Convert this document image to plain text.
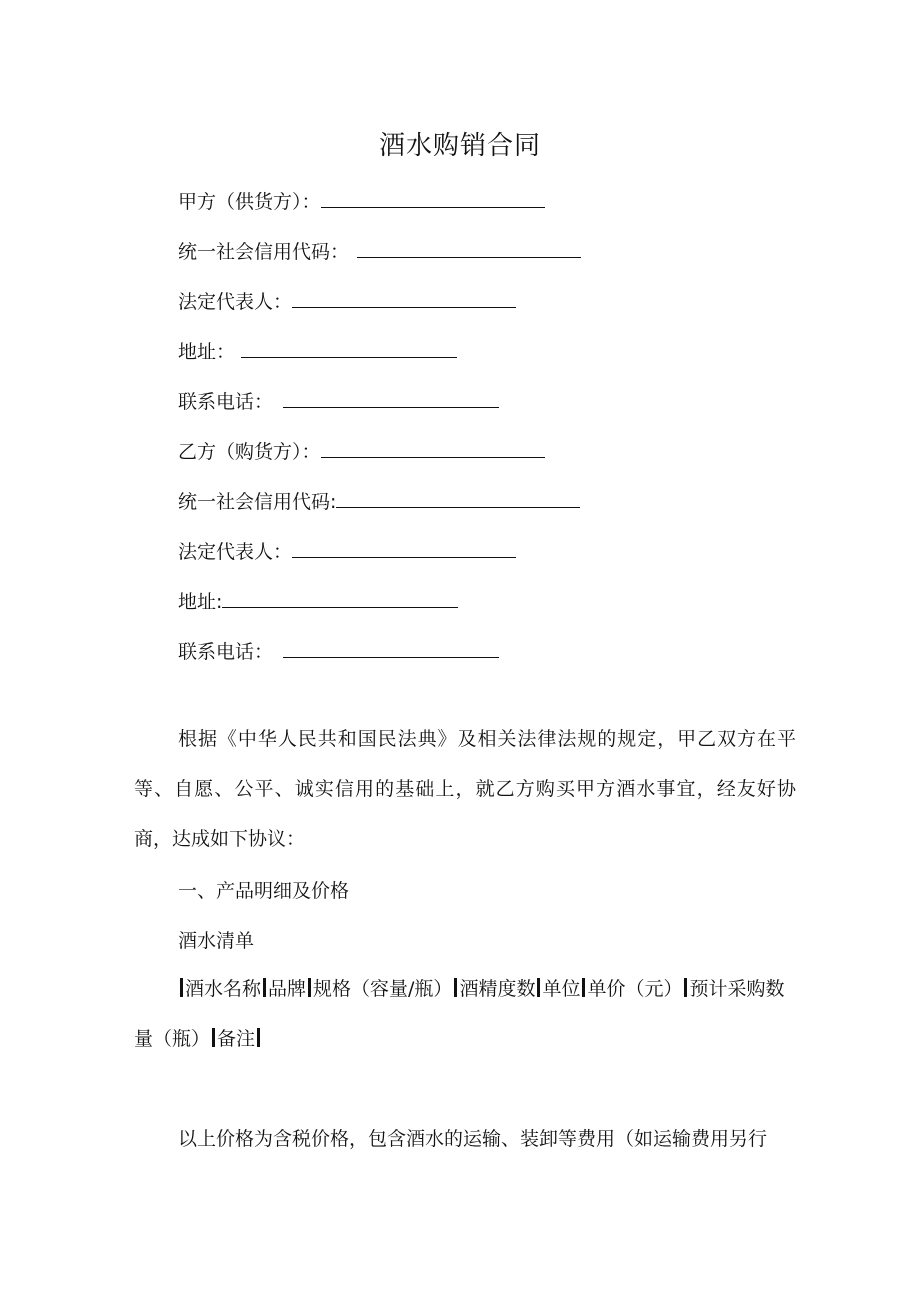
酒水购销合同
甲方（供货方）：
统一社会信用代码：
法定代表人：
地址：
联系电话：
乙方（购货方）：
统一社会信用代码:
法定代表人：
地址:
联系电话：
根据《中华人民共和国民法典》及相关法律法规的规定，甲乙双方在平等、自愿、公平、诚实信用的基础上，就乙方购买甲方酒水事宜，经友好协商，达成如下协议：
一、产品明细及价格
酒水清单
酒水名称 品牌 规格（容量/瓶） 酒精度数 单位 单价（元） 预计采购数量（瓶） 备注
以上价格为含税价格，包含酒水的运输、装卸等费用（如运输费用另行
